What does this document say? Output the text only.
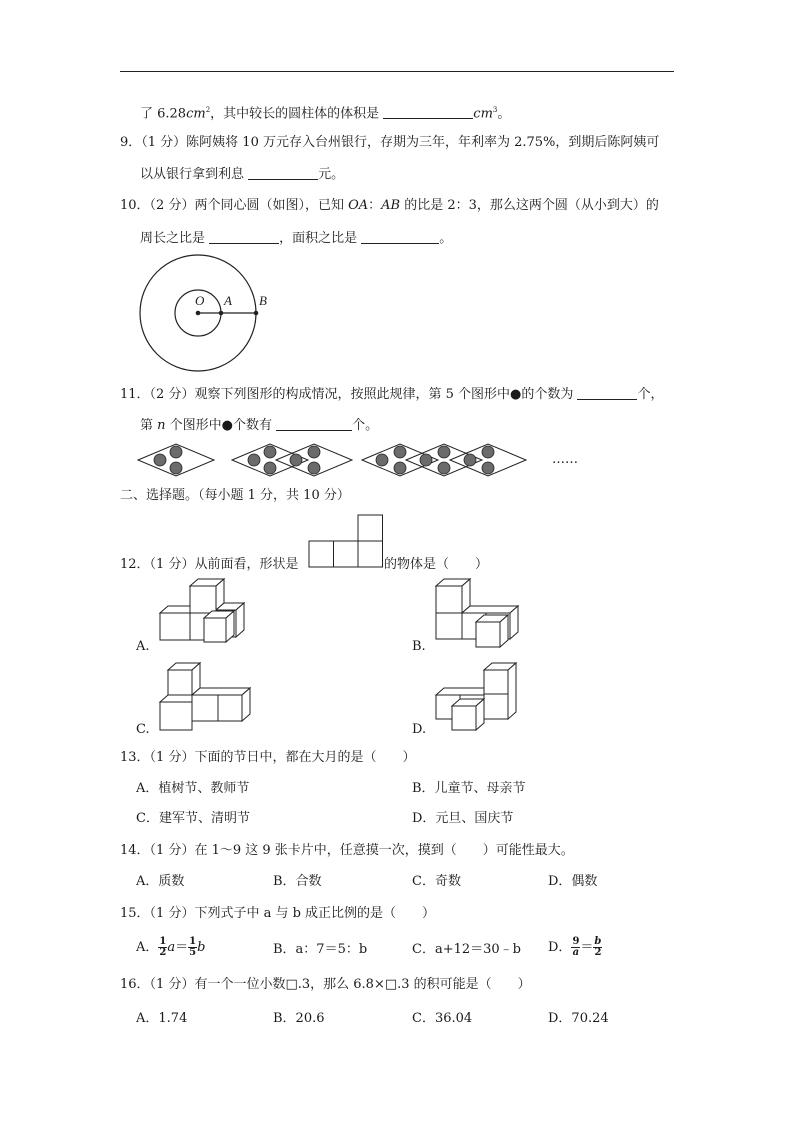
了 $6.28cm^2$，其中较长的圆柱体的体积是	$cm^3$。
9．（1 分）陈阿姨将 10 万元存入台州银行，存期为三年，年利率为 2.75%，到期后陈阿姨可
以从银行拿到利息	元。
10．（2 分）两个同心圆（如图），已知 OA：AB 的比是 2：3，那么这两个圆（从小到大）的
周长之比是	，面积之比是	。
O A B
11．（2 分）观察下列图形的构成情况，按照此规律，第 5 个图形中●的个数为	个，
第 n 个图形中●个数有	个。
……
二、选择题。（每小题 1 分，共 10 分）
12．（1 分）从前面看，形状是	的物体是（　　）
A.	B.
C.	D.
13．（1 分）下面的节日中，都在大月的是（　　）
A．植树节、教师节	B．儿童节、母亲节
C．建军节、清明节	D．元旦、国庆节
14．（1 分）在 1～9 这 9 张卡片中，任意摸一次，摸到（　　）可能性最大。
A．质数	B．合数	C．奇数	D．偶数
15．（1 分）下列式子中 a 与 b 成正比例的是（　　）
A． $\frac{1}{2} a= \frac{1}{5}$ b	B．a：7＝5：b	C．a+12＝30﹣b D． $\frac{9}{a} = \frac{b}{2}$
16．（1 分）有一个一位小数□.3，那么 6.8×□.3 的积可能是（　　）
A．1.74	B．20.6	C．36.04	D．70.24
